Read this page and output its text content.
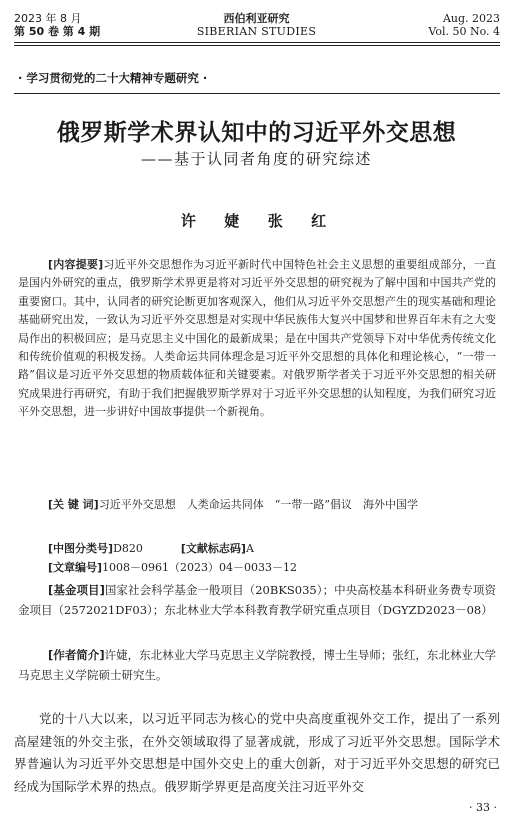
2023 年 8 月
第 50 卷 第 4 期
西伯利亚研究
SIBERIAN STUDIES
Aug. 2023
Vol. 50 No. 4
· 学习贯彻党的二十大精神专题研究 ·
俄罗斯学术界认知中的习近平外交思想
——基于认同者角度的研究综述
许  婕  张  红
[内容提要]习近平外交思想作为习近平新时代中国特色社会主义思想的重要组成部分，一直是国内外研究的重点，俄罗斯学术界更是将对习近平外交思想的研究视为了解中国和中国共产党的重要窗口。其中，认同者的研究论断更加客观深入，他们从习近平外交思想产生的现实基础和理论基础研究出发，一致认为习近平外交思想是对实现中华民族伟大复兴中国梦和世界百年未有之大变局作出的积极回应；是马克思主义中国化的最新成果；是在中国共产党领导下对中华优秀传统文化和传统价值观的积极发扬。人类命运共同体理念是习近平外交思想的具体化和理论核心，“一带一路”倡议是习近平外交思想的物质载体征和关键要素。对俄罗斯学者关于习近平外交思想的相关研究成果进行再研究，有助于我们把握俄罗斯学界对于习近平外交思想的认知程度，为我们研究习近平外交思想，进一步讲好中国故事提供一个新视角。
[关 键 词]习近平外交思想　人类命运共同体　“一带一路”倡议　海外中国学
[中图分类号]D820	[文献标志码]A
[文章编号]1008－0961（2023）04－0033－12
[基金项目]国家社会科学基金一般项目（20BKS035）；中央高校基本科研业务费专项资金项目（2572021DF03）；东北林业大学本科教育教学研究重点项目（DGYZD2023－08）
[作者简介]许婕，东北林业大学马克思主义学院教授，博士生导师；张红，东北林业大学马克思主义学院硕士研究生。
党的十八大以来，以习近平同志为核心的党中央高度重视外交工作，提出了一系列高屋建瓴的外交主张，在外交领域取得了显著成就，形成了习近平外交思想。国际学术界普遍认为习近平外交思想是中国外交史上的重大创新，对于习近平外交思想的研究已经成为国际学术界的热点。俄罗斯学界更是高度关注习近平外交
· 33 ·
